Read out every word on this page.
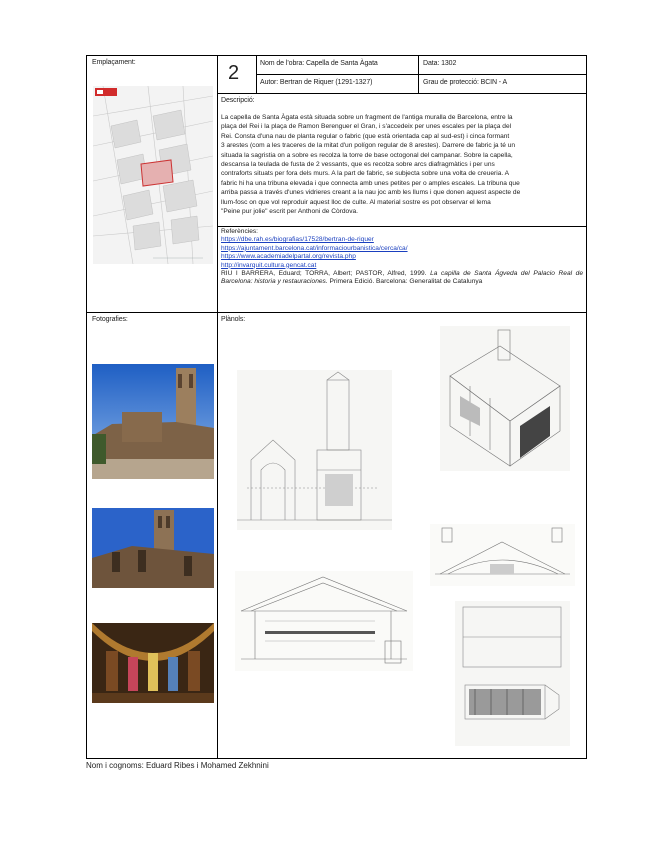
Emplaçament:	2	Nom de l’obra: Capella de Santa Àgata	Data: 1302
Autor: Bertran de Riquer (1291-1327)	Grau de protecció: BCIN - A
Descripció:
La capella de Santa Àgata està situada sobre un fragment de l'antiga muralla de Barcelona, entre la
plaça del Rei i la plaça de Ramon Berenguer el Gran, i s'accedeix per unes escales per la plaça del
Rei. Consta d'una nau de planta regular o fabric (que està orientada cap al sud-est) i cinca formant
3 arestes (com a les traceres de la mitat d'un polígon regular de 8 arestes). Darrere de fabric ja té un
situada la sagristia on a sobre es recolza la torre de base octogonal del campanar. Sobre la capella,
descansa la teulada de fusta de 2 vessants, que es recolza sobre arcs diafragmàtics i per uns
contraforts situats per fora dels murs. A la part de fabric, se subjecta sobre una volta de creueria. A
fabric hi ha una tribuna elevada i que connecta amb unes petites per o amples escales. La tribuna que
arriba passa a través d'unes vidrieres creant a la nau joc amb les llums i que donen aquest aspecte de
llum-fosc on que vol reproduir aquest lloc de culte. Al material sostre es pot observar el lema
"Peine pur jolie" escrit per Anthoni de Còrdova.
Referències:
https://dbe.rah.es/biografias/17528/bertran-de-riquer
https://ajuntament.barcelona.cat/informaciourbanistica/cerca/ca/
https://www.academiadelpartal.org/revista.php
http://invarquit.cultura.gencat.cat
RIU I BARRERA, Eduard; TORRA, Albert; PASTOR, Alfred, 1999. La capilla de Santa Ágveda del Palacio Real de Barcelona: historia y restauraciones. Primera Edició. Barcelona: Generalitat de Catalunya
Fotografies:	Plànols:
Nom i cognoms: Eduard Ribes i Mohamed Zekhnini
